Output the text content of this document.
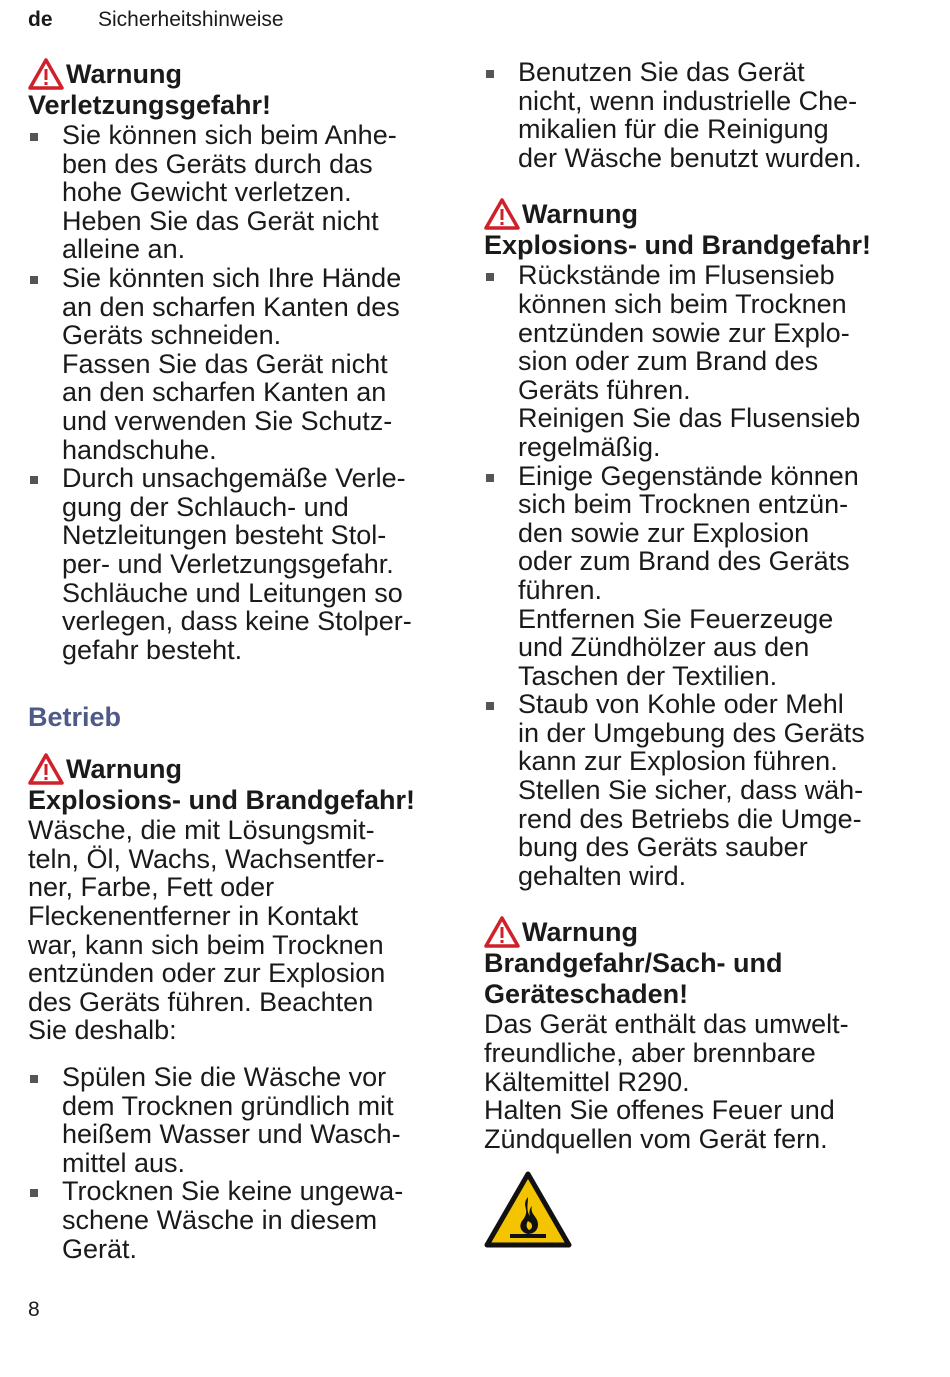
de Sicherheitshinweise
Warnung
Verletzungsgefahr!
Sie können sich beim Anhe-
ben des Geräts durch das
hohe Gewicht verletzen.
Heben Sie das Gerät nicht
alleine an.
Sie könnten sich Ihre Hände
an den scharfen Kanten des
Geräts schneiden.
Fassen Sie das Gerät nicht
an den scharfen Kanten an
und verwenden Sie Schutz-
handschuhe.
Durch unsachgemäße Verle-
gung der Schlauch- und
Netzleitungen besteht Stol-
per- und Verletzungsgefahr.
Schläuche und Leitungen so
verlegen, dass keine Stolper-
gefahr besteht.
Betrieb
Warnung
Explosions- und Brandgefahr!
Wäsche, die mit Lösungsmit-
teln, Öl, Wachs, Wachsentfer-
ner, Farbe, Fett oder
Fleckenentferner in Kontakt
war, kann sich beim Trocknen
entzünden oder zur Explosion
des Geräts führen. Beachten
Sie deshalb:
Spülen Sie die Wäsche vor
dem Trocknen gründlich mit
heißem Wasser und Wasch-
mittel aus.
Trocknen Sie keine ungewa-
schene Wäsche in diesem
Gerät.
Benutzen Sie das Gerät
nicht, wenn industrielle Che-
mikalien für die Reinigung
der Wäsche benutzt wurden.
Warnung
Explosions- und Brandgefahr!
Rückstände im Flusensieb
können sich beim Trocknen
entzünden sowie zur Explo-
sion oder zum Brand des
Geräts führen.
Reinigen Sie das Flusensieb
regelmäßig.
Einige Gegenstände können
sich beim Trocknen entzün-
den sowie zur Explosion
oder zum Brand des Geräts
führen.
Entfernen Sie Feuerzeuge
und Zündhölzer aus den
Taschen der Textilien.
Staub von Kohle oder Mehl
in der Umgebung des Geräts
kann zur Explosion führen.
Stellen Sie sicher, dass wäh-
rend des Betriebs die Umge-
bung des Geräts sauber
gehalten wird.
Warnung
Brandgefahr/Sach- und
Geräteschaden!
Das Gerät enthält das umwelt-
freundliche, aber brennbare
Kältemittel R290.
Halten Sie offenes Feuer und
Zündquellen vom Gerät fern.
8
